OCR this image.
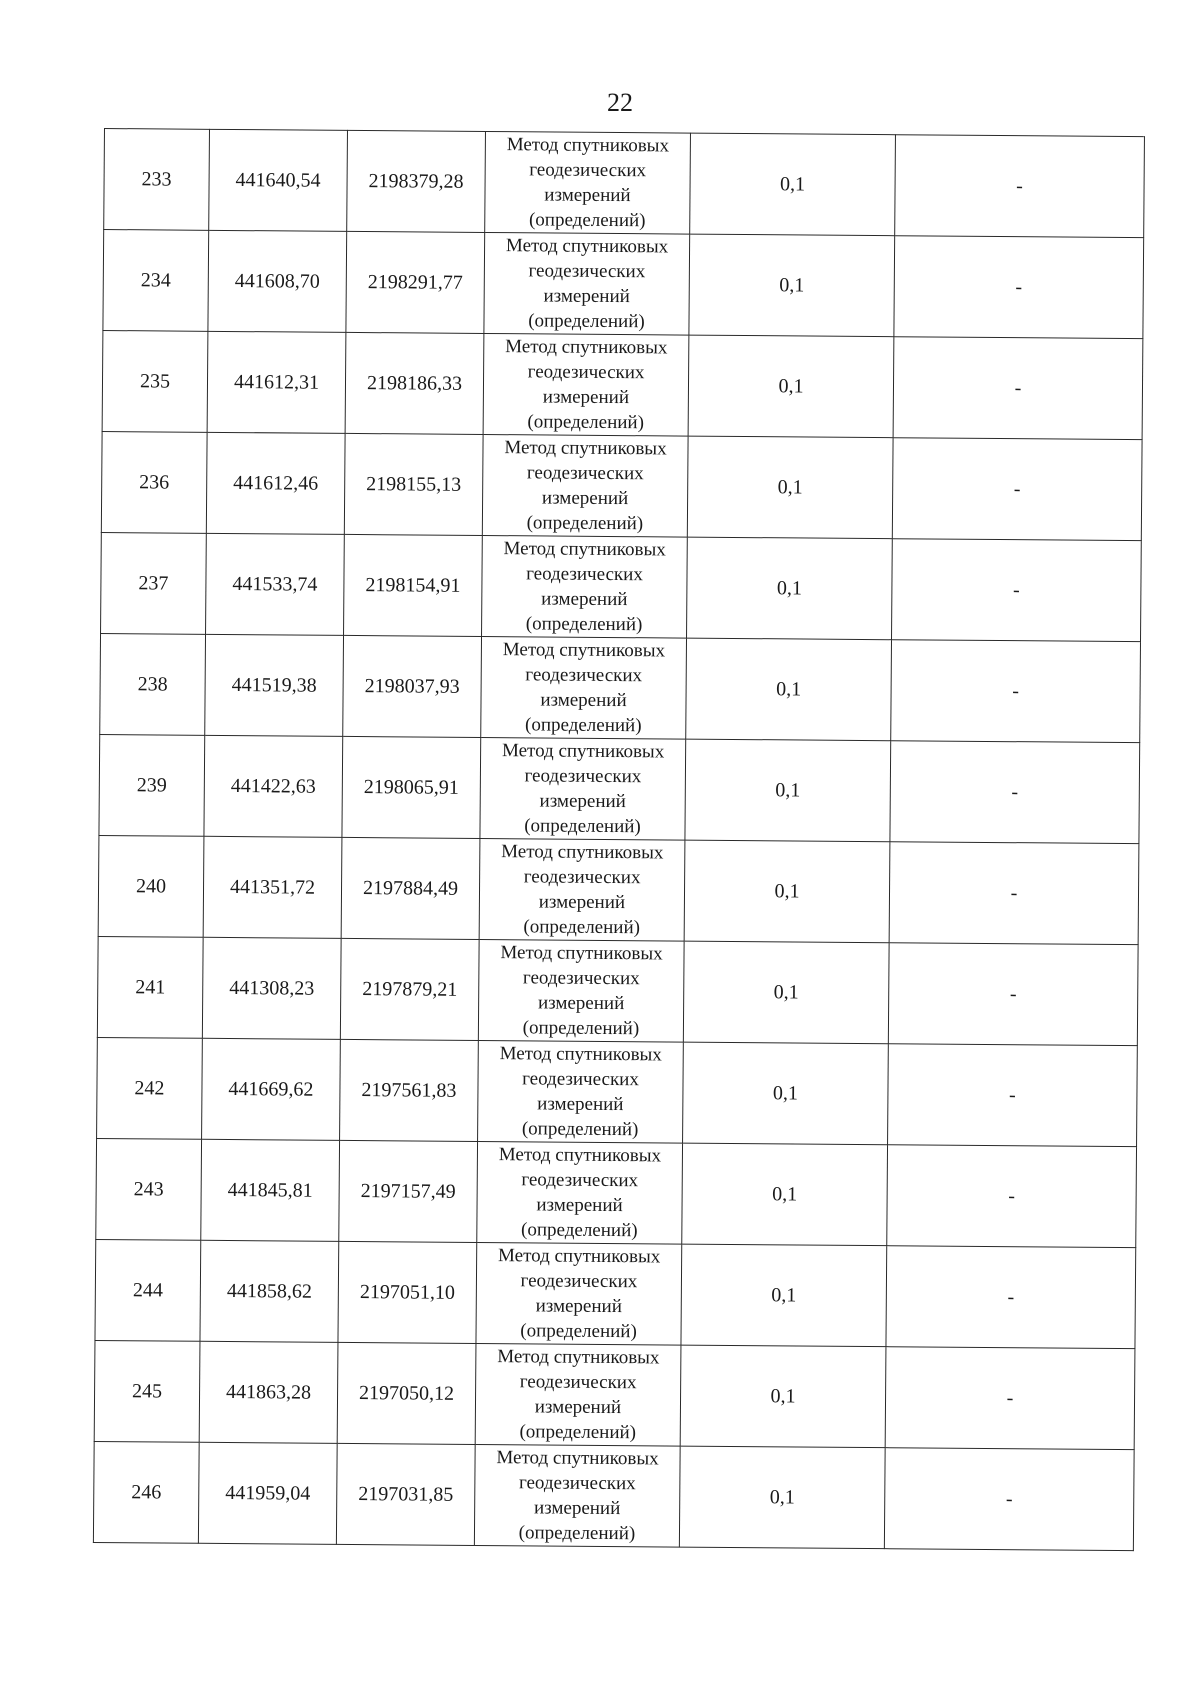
22
233	441640,54	2198379,28	Метод спутниковых
геодезических
измерений
(определений)	0,1	-
234	441608,70	2198291,77	Метод спутниковых
геодезических
измерений
(определений)	0,1	-
235	441612,31	2198186,33	Метод спутниковых
геодезических
измерений
(определений)	0,1	-
236	441612,46	2198155,13	Метод спутниковых
геодезических
измерений
(определений)	0,1	-
237	441533,74	2198154,91	Метод спутниковых
геодезических
измерений
(определений)	0,1	-
238	441519,38	2198037,93	Метод спутниковых
геодезических
измерений
(определений)	0,1	-
239	441422,63	2198065,91	Метод спутниковых
геодезических
измерений
(определений)	0,1	-
240	441351,72	2197884,49	Метод спутниковых
геодезических
измерений
(определений)	0,1	-
241	441308,23	2197879,21	Метод спутниковых
геодезических
измерений
(определений)	0,1	-
242	441669,62	2197561,83	Метод спутниковых
геодезических
измерений
(определений)	0,1	-
243	441845,81	2197157,49	Метод спутниковых
геодезических
измерений
(определений)	0,1	-
244	441858,62	2197051,10	Метод спутниковых
геодезических
измерений
(определений)	0,1	-
245	441863,28	2197050,12	Метод спутниковых
геодезических
измерений
(определений)	0,1	-
246	441959,04	2197031,85	Метод спутниковых
геодезических
измерений
(определений)	0,1	-
